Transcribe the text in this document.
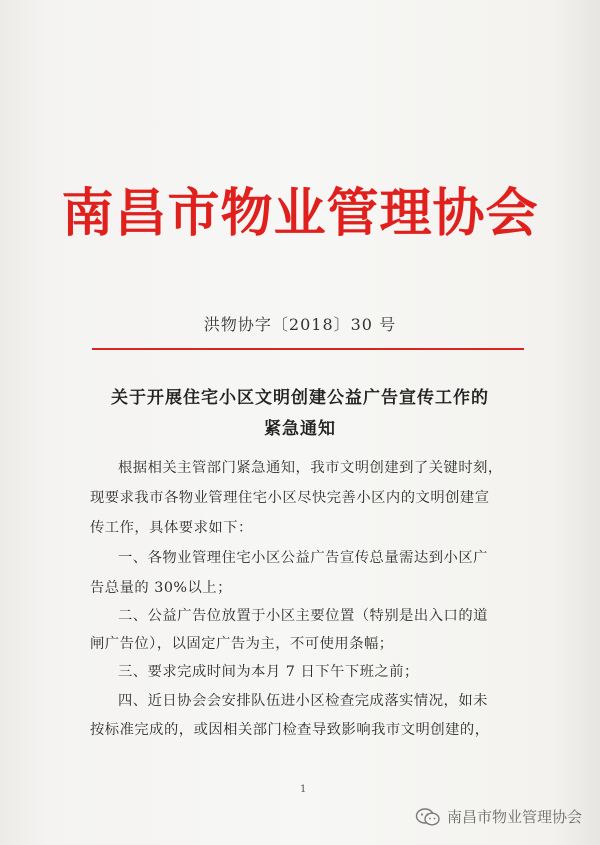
南昌市物业管理协会
洪物协字〔2018〕30 号
关于开展住宅小区文明创建公益广告宣传工作的
紧急通知
根据相关主管部门紧急通知，我市文明创建到了关键时刻，
现要求我市各物业管理住宅小区尽快完善小区内的文明创建宣
传工作，具体要求如下：
一、各物业管理住宅小区公益广告宣传总量需达到小区广
告总量的 30%以上；
二、公益广告位放置于小区主要位置（特别是出入口的道
闸广告位），以固定广告为主，不可使用条幅；
三、要求完成时间为本月 7 日下午下班之前；
四、近日协会会安排队伍进小区检查完成落实情况，如未
按标准完成的，或因相关部门检查导致影响我市文明创建的，
1
南昌市物业管理协会
